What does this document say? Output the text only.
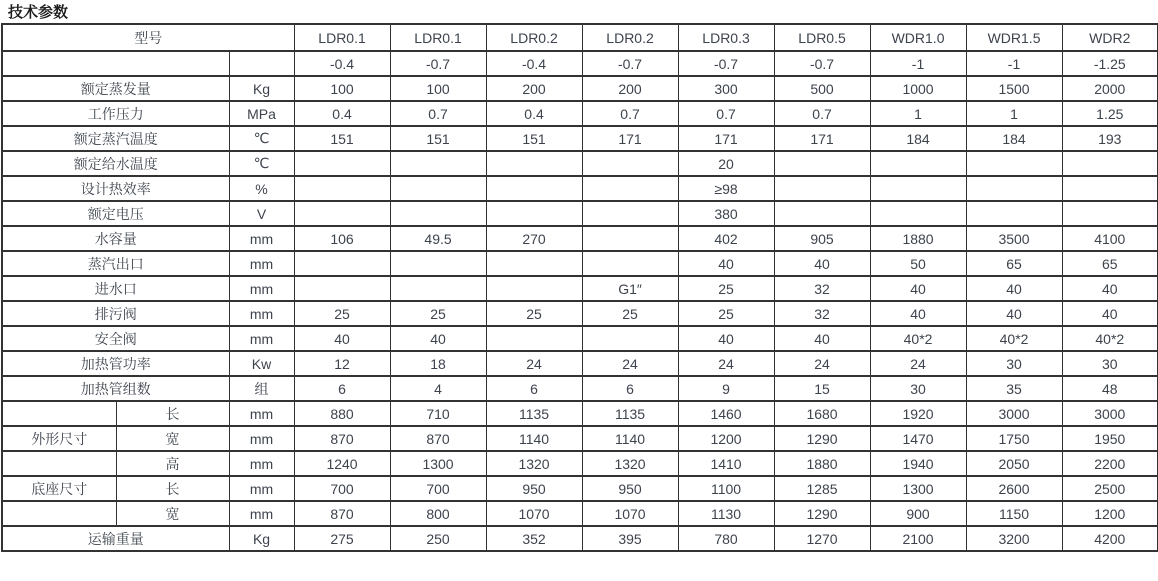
技术参数
型号			LDR0.1	LDR0.1	LDR0.2	LDR0.2	LDR0.3	LDR0.5	WDR1.0	WDR1.5	WDR2
			-0.4	-0.7	-0.4	-0.7	-0.7	-0.7	-1	-1	-1.25
额定蒸发量		Kg	100	100	200	200	300	500	1000	1500	2000
工作压力		MPa	0.4	0.7	0.4	0.7	0.7	0.7	1	1	1.25
额定蒸汽温度		℃	151	151	151	171	171	171	184	184	193
额定给水温度		℃					20				
设计热效率		%					≥98				
额定电压		V					380				
水容量		mm	106	49.5	270		402	905	1880	3500	4100
蒸汽出口		mm					40	40	50	65	65
进水口		mm				G1″	25	32	40	40	40
排污阀		mm	25	25	25	25	25	32	40	40	40
安全阀		mm	40	40			40	40	40*2	40*2	40*2
加热管功率		Kw	12	18	24	24	24	24	24	30	30
加热管组数		组	6	4	6	6	9	15	30	35	48
	长	mm	880	710	1135	1135	1460	1680	1920	3000	3000
外形尺寸	宽	mm	870	870	1140	1140	1200	1290	1470	1750	1950
	高	mm	1240	1300	1320	1320	1410	1880	1940	2050	2200
底座尺寸	长	mm	700	700	950	950	1100	1285	1300	2600	2500
	宽	mm	870	800	1070	1070	1130	1290	900	1150	1200
运输重量		Kg	275	250	352	395	780	1270	2100	3200	4200
